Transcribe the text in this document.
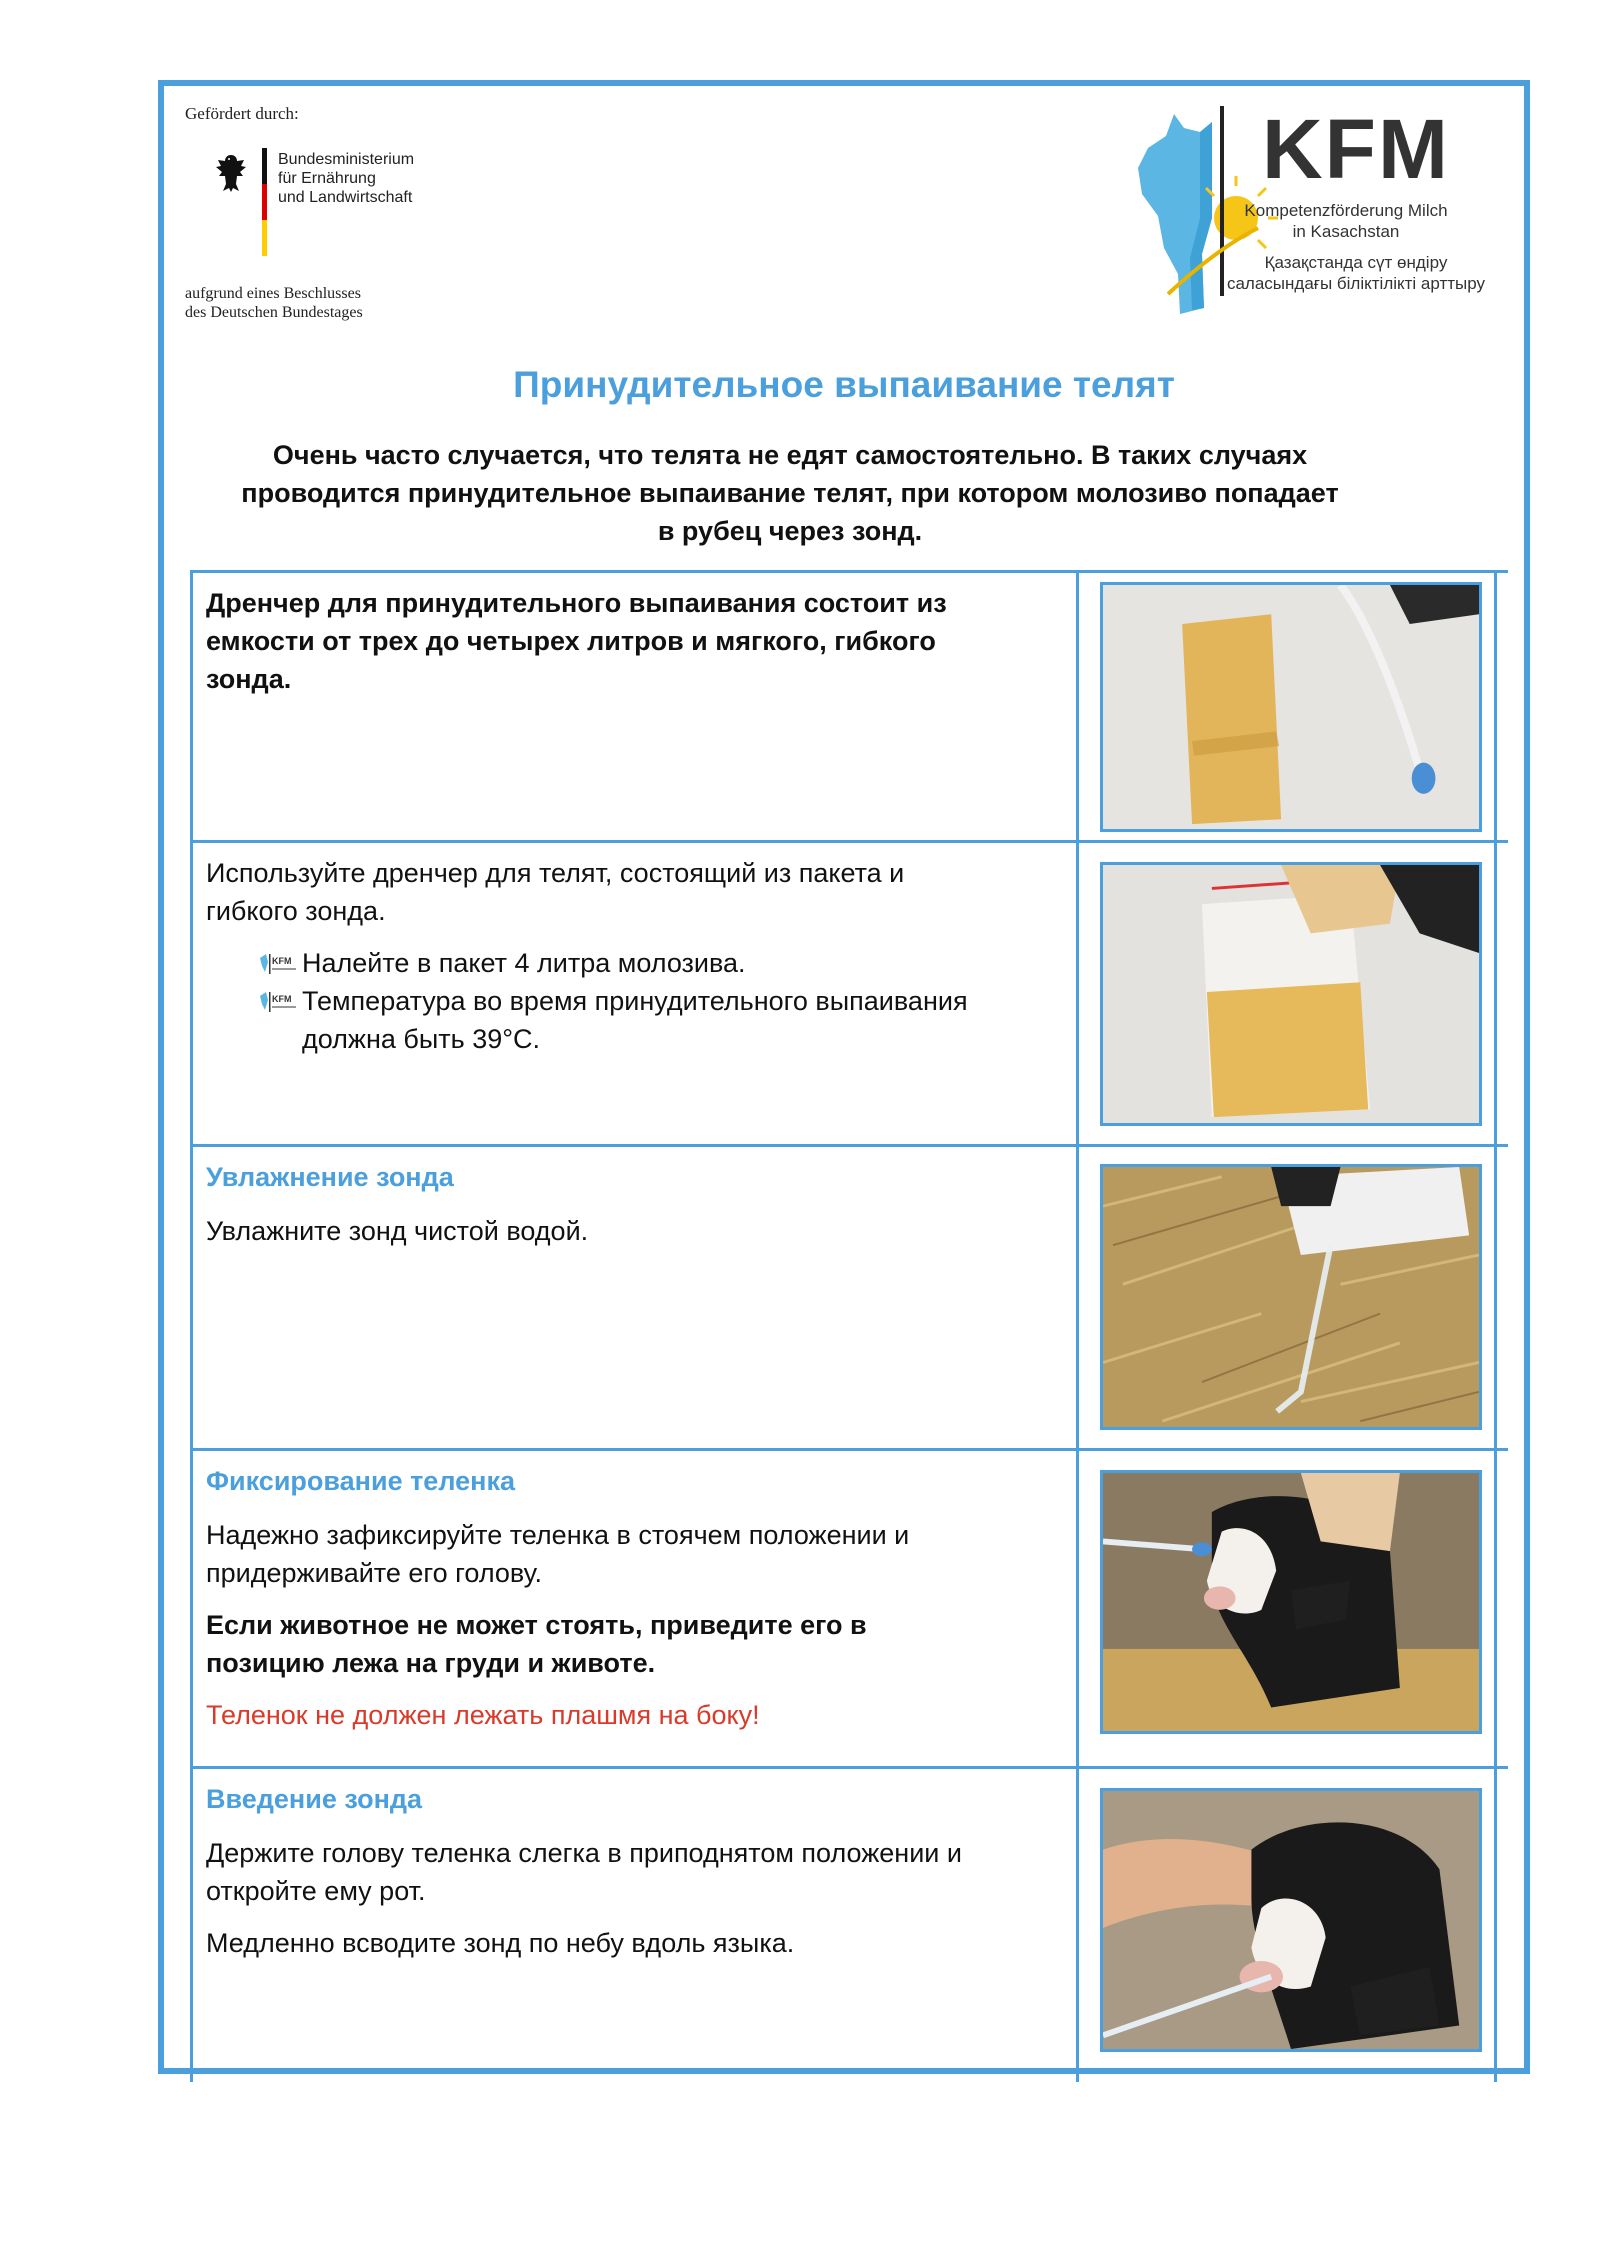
Gefördert durch:
Bundesministerium
für Ernährung
und Landwirtschaft
aufgrund eines Beschlusses
des Deutschen Bundestages
KFM
Kompetenzförderung Milch
in Kasachstan
Қазақстанда сүт өндіру
саласындағы біліктілікті арттыру
Принудительное выпаивание телят
Очень часто случается, что телята не едят самостоятельно. В таких случаях
проводится принудительное выпаивание телят, при котором молозиво попадает
в рубец через зонд.

Дренчер для принудительного выпаивания состоит из

емкости от трех до четырех литров и мягкого, гибкого

зонда.

Используйте дренчер для телят, состоящий из пакета и

гибкого зонда.

KFM Налейте в пакет 4 литра молозива.
KFM Температура во время принудительного выпаивания
должна быть 39°C.

Увлажнение зонда

Увлажните зонд чистой водой.

Фиксирование теленка

Надежно зафиксируйте теленка в стоячем положении и

придерживайте его голову.

Если животное не может стоять, приведите его в

позицию лежа на груди и животе.

Теленок не должен лежать плашмя на боку!

Введение зонда

Держите голову теленка слегка в приподнятом положении и

откройте ему рот.

Медленно всводите зонд по небу вдоль языка.
